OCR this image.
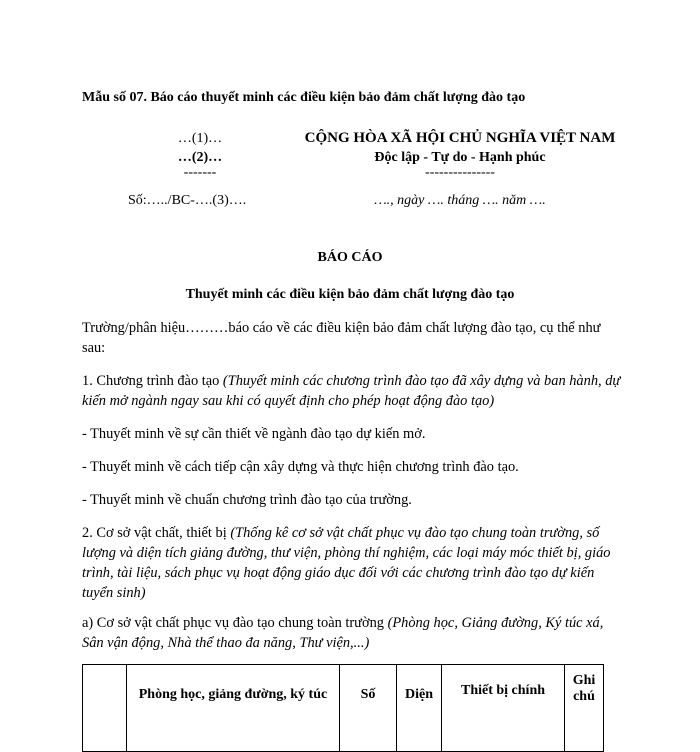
Mẫu số 07. Báo cáo thuyết minh các điều kiện bảo đảm chất lượng đào tạo
…(1)…
…(2)…
-------
Số:…../BC-….(3)….
CỘNG HÒA XÃ HỘI CHỦ NGHĨA VIỆT NAM
Độc lập - Tự do - Hạnh phúc
---------------
…., ngày …. tháng …. năm ….
BÁO CÁO
Thuyết minh các điều kiện bảo đảm chất lượng đào tạo
Trường/phân hiệu………báo cáo về các điều kiện bảo đảm chất lượng đào tạo, cụ thể như sau:
1. Chương trình đào tạo (Thuyết minh các chương trình đào tạo đã xây dựng và ban hành, dự kiến mở ngành ngay sau khi có quyết định cho phép hoạt động đào tạo)
- Thuyết minh về sự cần thiết về ngành đào tạo dự kiến mở.
- Thuyết minh về cách tiếp cận xây dựng và thực hiện chương trình đào tạo.
- Thuyết minh về chuẩn chương trình đào tạo của trường.
2. Cơ sở vật chất, thiết bị (Thống kê cơ sở vật chất phục vụ đào tạo chung toàn trường, số lượng và diện tích giảng đường, thư viện, phòng thí nghiệm, các loại máy móc thiết bị, giáo trình, tài liệu, sách phục vụ hoạt động giáo dục đối với các chương trình đào tạo dự kiến tuyển sinh)
a) Cơ sở vật chất phục vụ đào tạo chung toàn trường (Phòng học, Giảng đường, Ký túc xá, Sân vận động, Nhà thể thao đa năng, Thư viện,...)
	Phòng học, giảng đường, ký túc	Số	Diện	Thiết bị chính	Ghi chú
